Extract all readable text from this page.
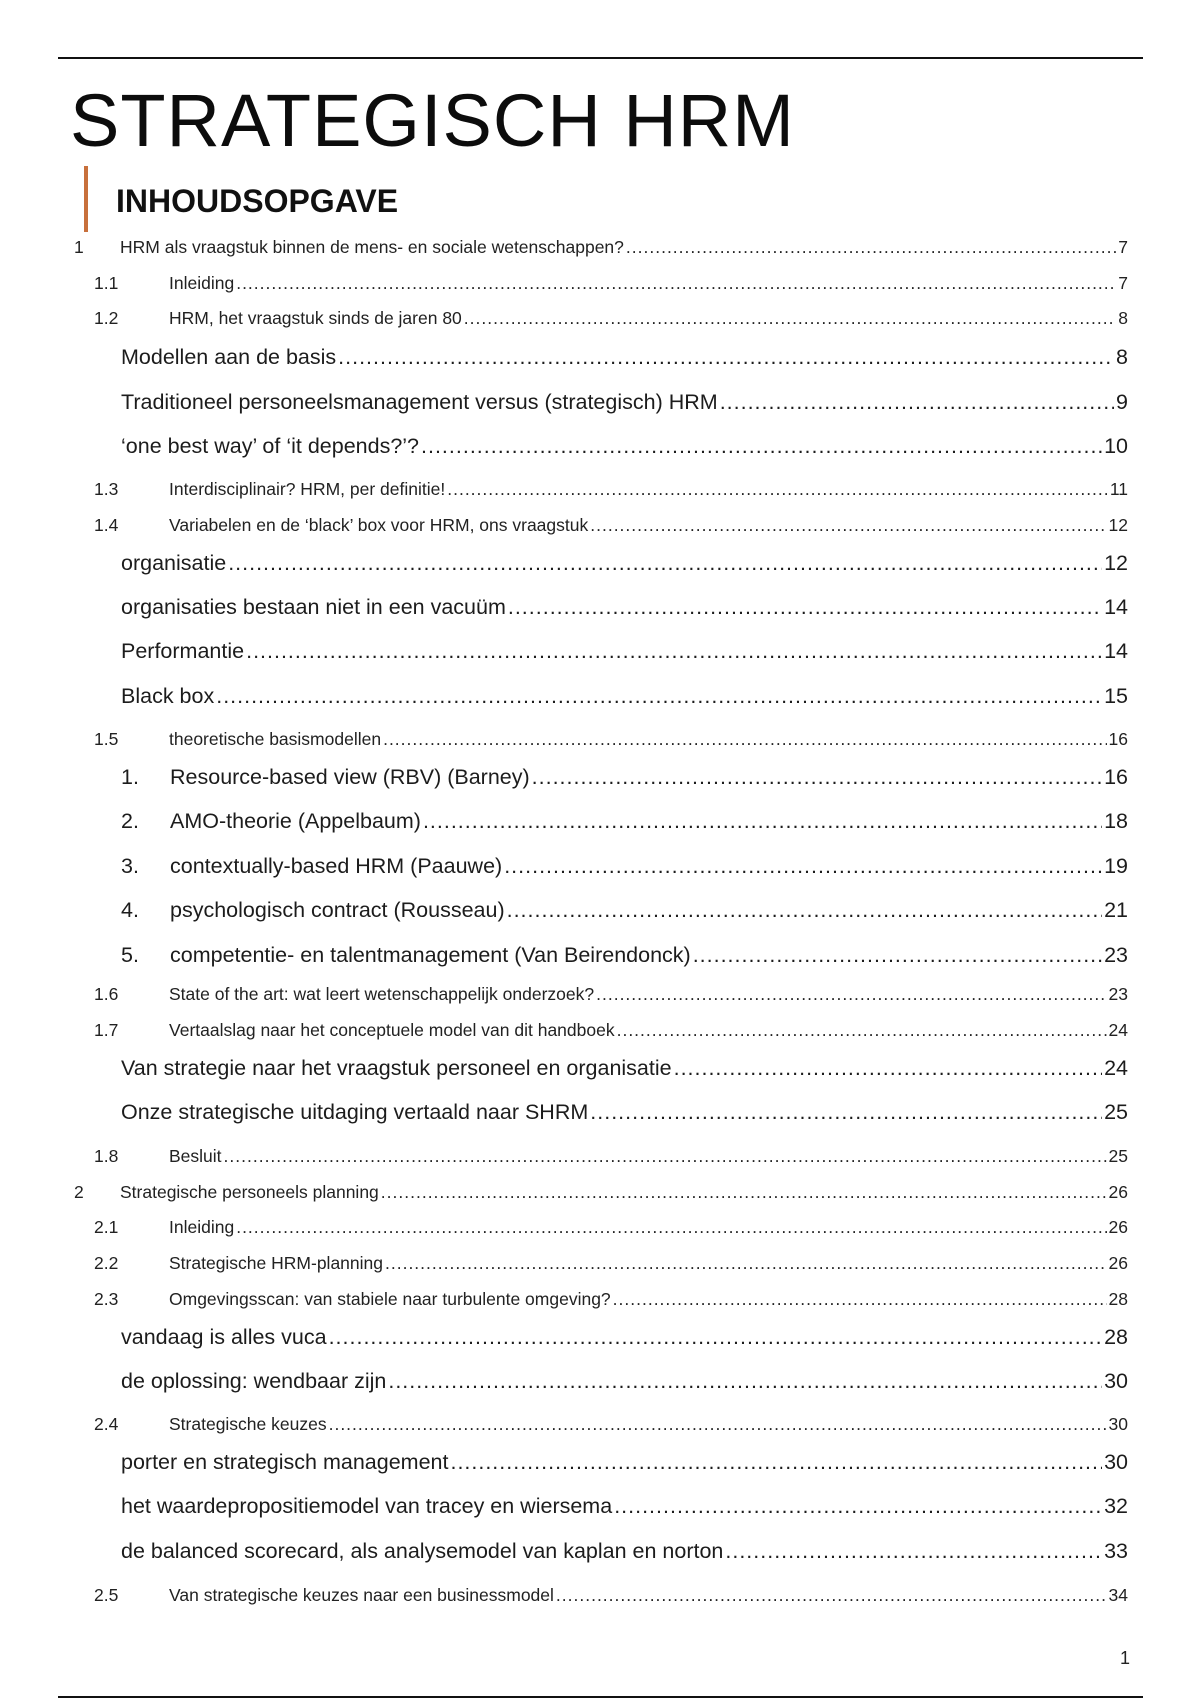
STRATEGISCH HRM
INHOUDSOPGAVE
1	HRM als vraagstuk binnen de mens- en sociale wetenschappen? .....	7
1.1	Inleiding .....	7
1.2	HRM, het vraagstuk sinds de jaren 80 .....	8
Modellen aan de basis .....	8
Traditioneel personeelsmanagement versus (strategisch) HRM .....	9
‘one best way’ of ‘it depends?’? .....	10
1.3	Interdisciplinair? HRM, per definitie! .....	11
1.4	Variabelen en de ‘black’ box voor HRM, ons vraagstuk .....	12
organisatie .....	12
organisaties bestaan niet in een vacuüm .....	14
Performantie .....	14
Black box .....	15
1.5	theoretische basismodellen .....	16
1.	Resource-based view (RBV) (Barney) .....	16
2.	AMO-theorie (Appelbaum) .....	18
3.	contextually-based HRM (Paauwe) .....	19
4.	psychologisch contract (Rousseau) .....	21
5.	competentie- en talentmanagement (Van Beirendonck) .....	23
1.6	State of the art: wat leert wetenschappelijk onderzoek? .....	23
1.7	Vertaalslag naar het conceptuele model van dit handboek .....	24
Van strategie naar het vraagstuk personeel en organisatie .....	24
Onze strategische uitdaging vertaald naar SHRM .....	25
1.8	Besluit .....	25
2	Strategische personeels planning .....	26
2.1	Inleiding .....	26
2.2	Strategische HRM-planning .....	26
2.3	Omgevingsscan: van stabiele naar turbulente omgeving? .....	28
vandaag is alles vuca .....	28
de oplossing: wendbaar zijn .....	30
2.4	Strategische keuzes .....	30
porter en strategisch management .....	30
het waardepropositiemodel van tracey en wiersema .....	32
de balanced scorecard, als analysemodel van kaplan en norton .....	33
2.5	Van strategische keuzes naar een businessmodel .....	34
1
